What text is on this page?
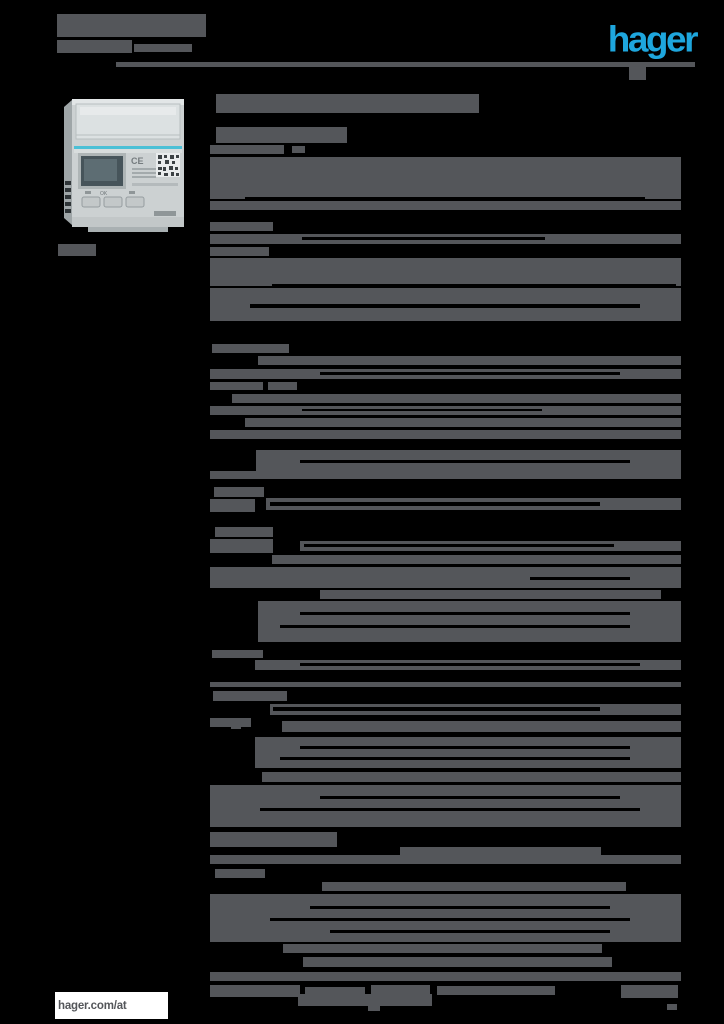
hager
CE
OK
hager.com/at
